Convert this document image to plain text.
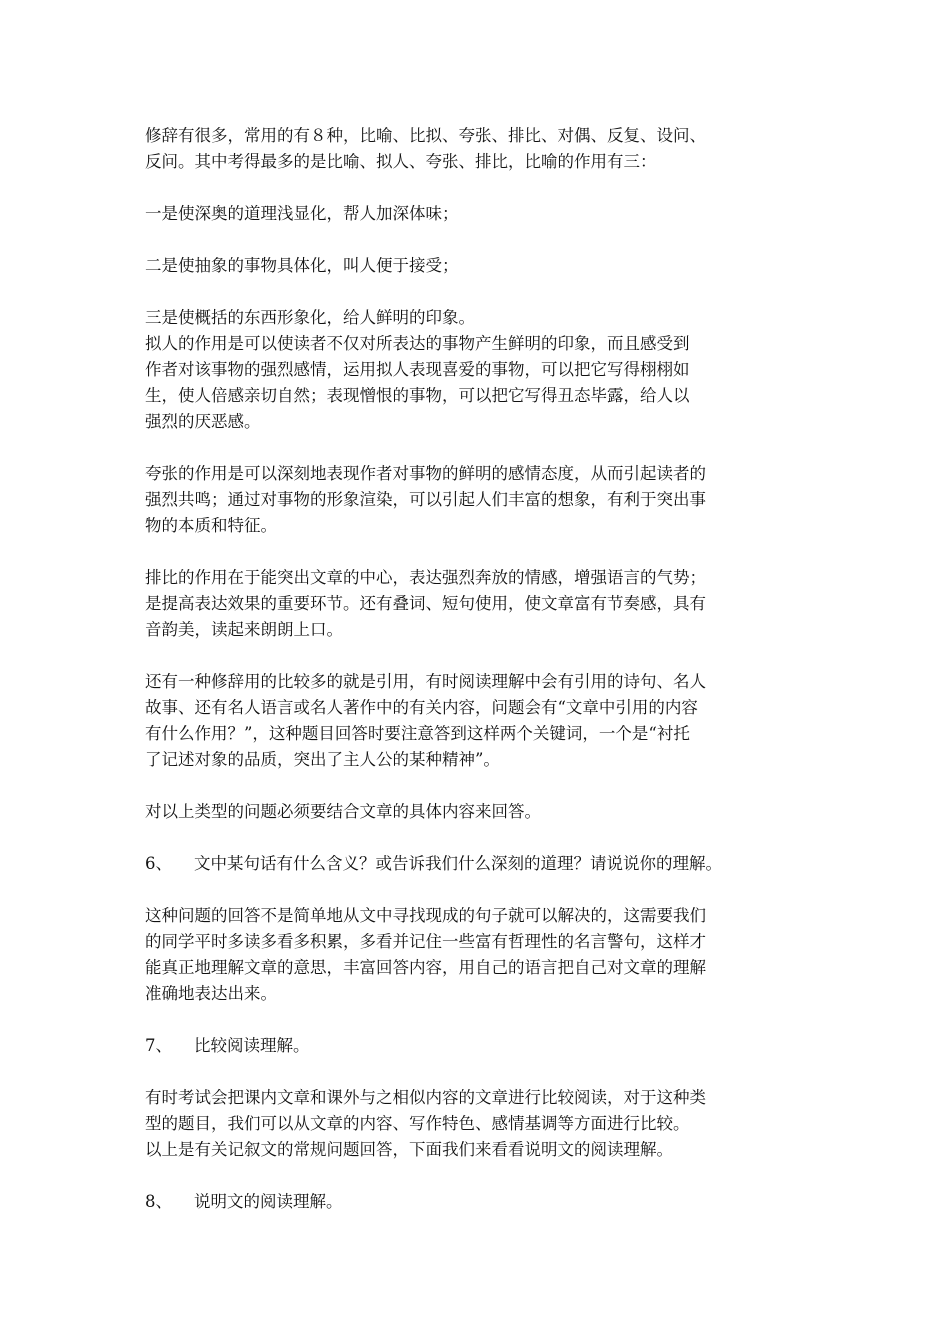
修辞有很多，常用的有８种，比喻、比拟、夸张、排比、对偶、反复、设问、
反问。其中考得最多的是比喻、拟人、夸张、排比，比喻的作用有三：
一是使深奥的道理浅显化，帮人加深体味；
二是使抽象的事物具体化，叫人便于接受；
三是使概括的东西形象化，给人鲜明的印象。
拟人的作用是可以使读者不仅对所表达的事物产生鲜明的印象，而且感受到
作者对该事物的强烈感情，运用拟人表现喜爱的事物，可以把它写得栩栩如
生，使人倍感亲切自然；表现憎恨的事物，可以把它写得丑态毕露，给人以
强烈的厌恶感。
夸张的作用是可以深刻地表现作者对事物的鲜明的感情态度，从而引起读者的
强烈共鸣；通过对事物的形象渲染，可以引起人们丰富的想象，有利于突出事
物的本质和特征。
排比的作用在于能突出文章的中心，表达强烈奔放的情感，增强语言的气势；
是提高表达效果的重要环节。还有叠词、短句使用，使文章富有节奏感，具有
音韵美，读起来朗朗上口。
还有一种修辞用的比较多的就是引用，有时阅读理解中会有引用的诗句、名人
故事、还有名人语言或名人著作中的有关内容，问题会有“文章中引用的内容
有什么作用？”，这种题目回答时要注意答到这样两个关键词，一个是“衬托
了记述对象的品质，突出了主人公的某种精神”。
对以上类型的问题必须要结合文章的具体内容来回答。
6、 文中某句话有什么含义？或告诉我们什么深刻的道理？请说说你的理解。
这种问题的回答不是简单地从文中寻找现成的句子就可以解决的，这需要我们
的同学平时多读多看多积累，多看并记住一些富有哲理性的名言警句，这样才
能真正地理解文章的意思，丰富回答内容，用自己的语言把自己对文章的理解
准确地表达出来。
7、 比较阅读理解。
有时考试会把课内文章和课外与之相似内容的文章进行比较阅读，对于这种类
型的题目，我们可以从文章的内容、写作特色、感情基调等方面进行比较。
以上是有关记叙文的常规问题回答，下面我们来看看说明文的阅读理解。
8、 说明文的阅读理解。
